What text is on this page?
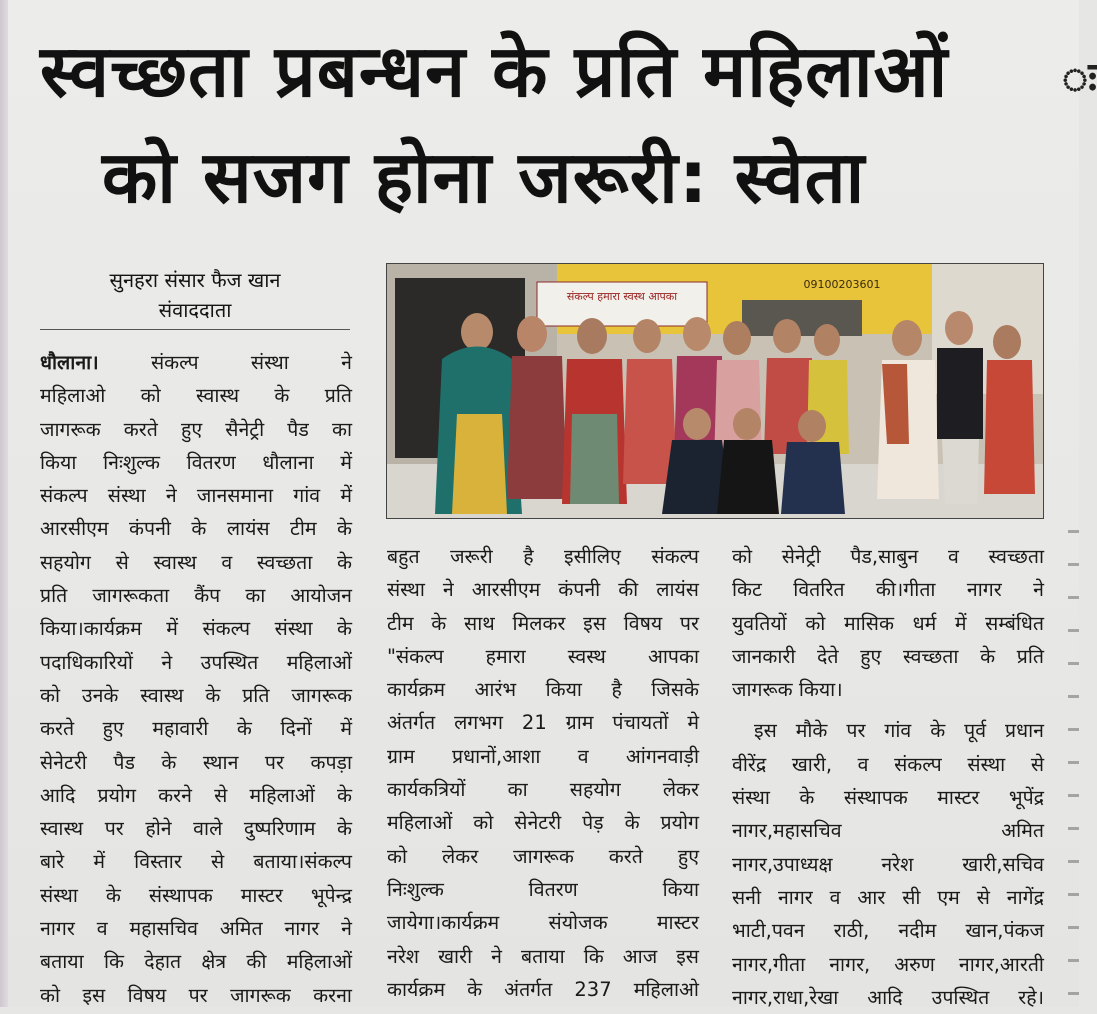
स्वच्छता प्रबन्धन के प्रति महिलाओं
को सजग होना जरूरी: स्वेता
ः
सुनहरा संसार फैज खान
संवाददाता
संकल्प हमारा स्वस्थ आपका
09100203601
धौलाना।	संकल्प संस्था ने
महिलाओ को स्वास्थ के प्रति
जागरूक करते हुए सैनेट्री पैड का
किया निःशुल्क वितरण धौलाना में
संकल्प संस्था ने जानसमाना गांव में
आरसीएम कंपनी के लायंस टीम के
सहयोग से स्वास्थ व स्वच्छता के
प्रति जागरूकता कैंप का आयोजन
किया।कार्यक्रम में संकल्प संस्था के
पदाधिकारियों ने उपस्थित महिलाओं
को उनके स्वास्थ के प्रति जागरूक
करते हुए महावारी के दिनों में
सेनेटरी पैड के स्थान पर कपड़ा
आदि प्रयोग करने से महिलाओं के
स्वास्थ पर होने वाले दुष्परिणाम के
बारे में विस्तार से बताया।संकल्प
संस्था के संस्थापक मास्टर भूपेन्द्र
नागर व महासचिव अमित नागर ने
बताया कि देहात क्षेत्र की महिलाओं
को इस विषय पर जागरूक करना
बहुत जरूरी है इसीलिए संकल्प
संस्था ने आरसीएम कंपनी की लायंस
टीम के साथ मिलकर इस विषय पर
"संकल्प हमारा स्वस्थ आपका
कार्यक्रम आरंभ किया है जिसके
अंतर्गत लगभग 21 ग्राम पंचायतों मे
ग्राम प्रधानों,आशा व आंगनवाड़ी
कार्यकत्रियों का सहयोग लेकर
महिलाओं को सेनेटरी पेड़ के प्रयोग
को लेकर जागरूक करते हुए
निःशुल्क वितरण किया
जायेगा।कार्यक्रम संयोजक मास्टर
नरेश खारी ने बताया कि आज इस
कार्यक्रम के अंतर्गत 237 महिलाओ
को सेनेट्री पैड,साबुन व स्वच्छता
किट वितरित की।गीता नागर ने
युवतियों को मासिक धर्म में सम्बंधित
जानकारी देते हुए स्वच्छता के प्रति
जागरूक किया।
इस मौके पर गांव के पूर्व प्रधान
वीरेंद्र खारी, व संकल्प संस्था से
संस्था के संस्थापक मास्टर भूपेंद्र
नागर,महासचिव अमित
नागर,उपाध्यक्ष नरेश खारी,सचिव
सनी नागर व आर सी एम से नागेंद्र
भाटी,पवन राठी, नदीम खान,पंकज
नागर,गीता नागर, अरुण नागर,आरती
नागर,राधा,रेखा आदि उपस्थित रहे।
